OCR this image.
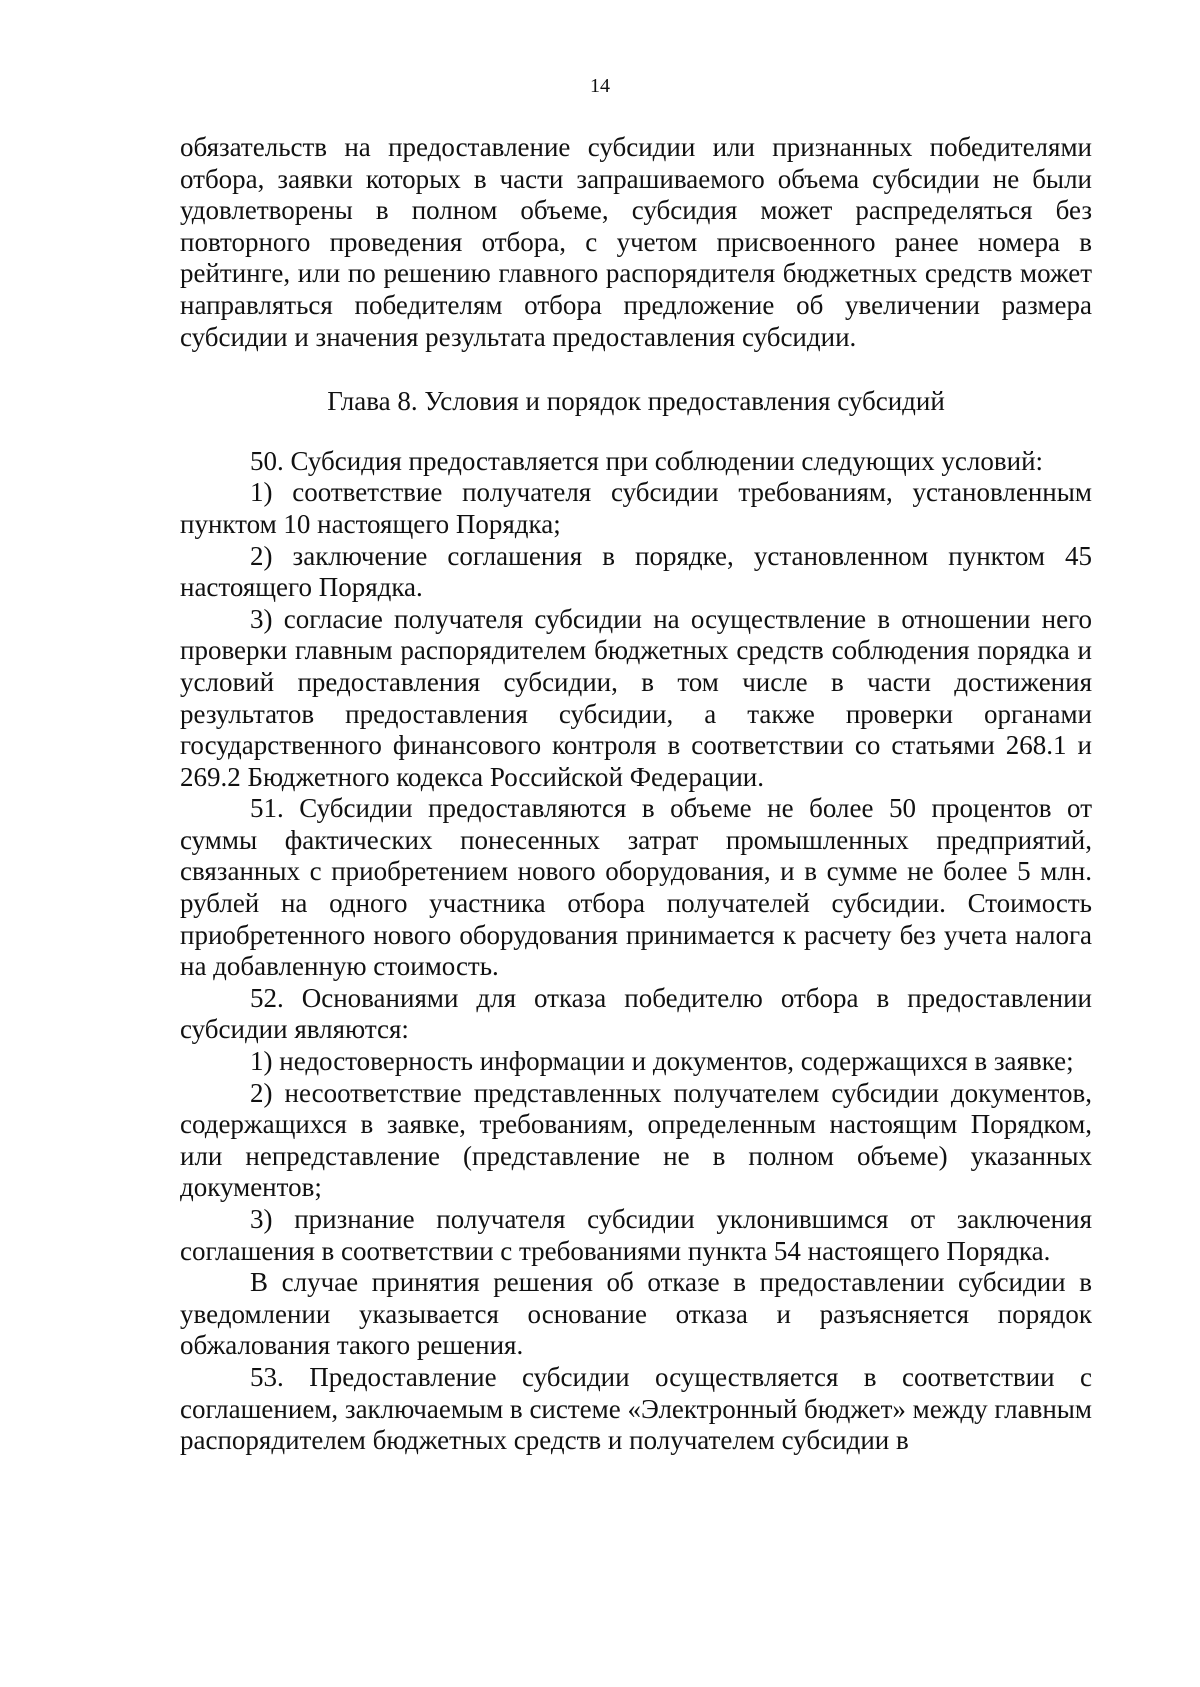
14

обязательств на предоставление субсидии или признанных победителями отбора, заявки которых в части запрашиваемого объема субсидии не были удовлетворены в полном объеме, субсидия может распределяться без повторного проведения отбора, с учетом присвоенного ранее номера в рейтинге, или по решению главного распорядителя бюджетных средств может направляться победителям отбора предложение об увеличении размера субсидии и значения результата предоставления субсидии.

Глава 8. Условия и порядок предоставления субсидий

50. Субсидия предоставляется при соблюдении следующих условий:

1) соответствие получателя субсидии требованиям, установленным пунктом 10 настоящего Порядка;

2) заключение соглашения в порядке, установленном пунктом 45 настоящего Порядка.

3) согласие получателя субсидии на осуществление в отношении него проверки главным распорядителем бюджетных средств соблюдения порядка и условий предоставления субсидии, в том числе в части достижения результатов предоставления субсидии, а также проверки органами государственного финансового контроля в соответствии со статьями 268.1 и 269.2 Бюджетного кодекса Российской Федерации.

51. Субсидии предоставляются в объеме не более 50 процентов от суммы фактических понесенных затрат промышленных предприятий, связанных с приобретением нового оборудования, и в сумме не более 5 млн. рублей на одного участника отбора получателей субсидии. Стоимость приобретенного нового оборудования принимается к расчету без учета налога на добавленную стоимость.

52. Основаниями для отказа победителю отбора в предоставлении субсидии являются:

1) недостоверность информации и документов, содержащихся в заявке;

2) несоответствие представленных получателем субсидии документов, содержащихся в заявке, требованиям, определенным настоящим Порядком, или непредставление (представление не в полном объеме) указанных документов;

3) признание получателя субсидии уклонившимся от заключения соглашения в соответствии с требованиями пункта 54 настоящего Порядка.

В случае принятия решения об отказе в предоставлении субсидии в уведомлении указывается основание отказа и разъясняется порядок обжалования такого решения.

53. Предоставление субсидии осуществляется в соответствии с соглашением, заключаемым в системе «Электронный бюджет» между главным распорядителем бюджетных средств и получателем субсидии в
